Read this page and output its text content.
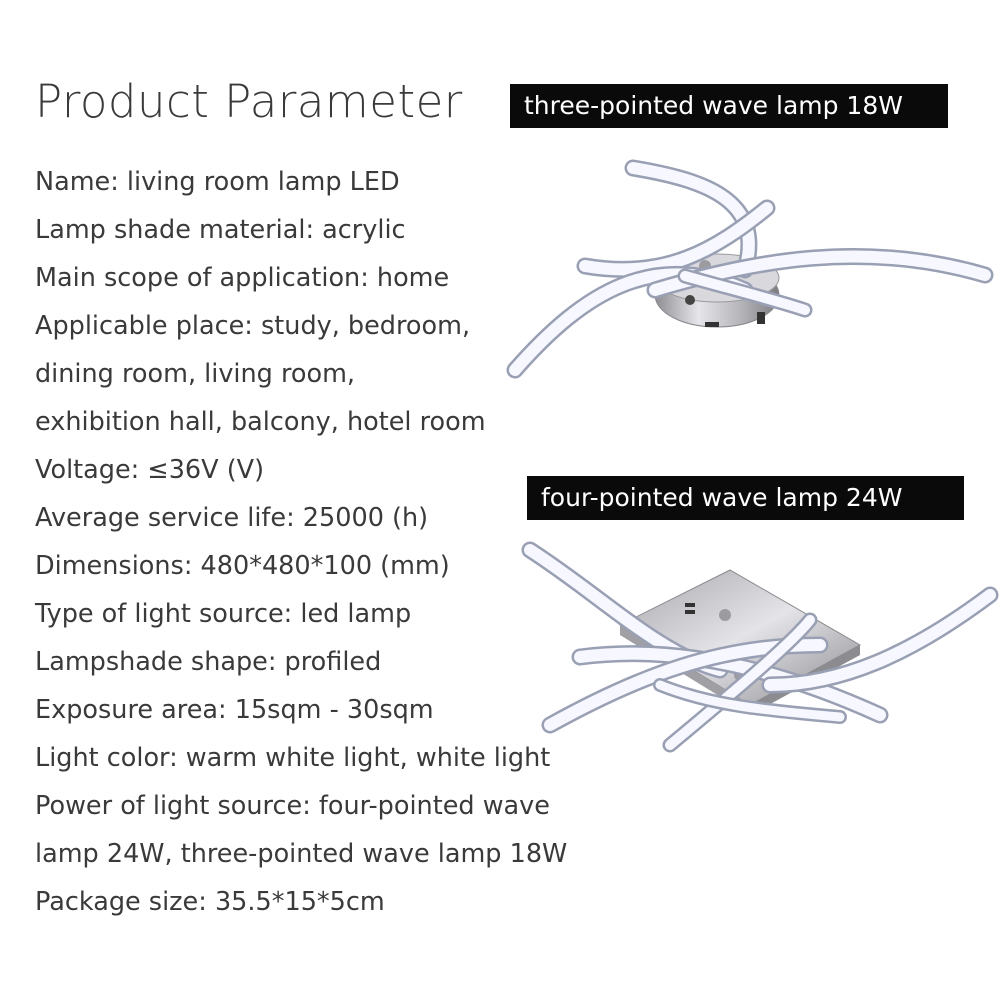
Product Parameter
Name: living room lamp LED
Lamp shade material: acrylic
Main scope of application: home
Applicable place: study, bedroom,
dining room, living room,
exhibition hall, balcony, hotel room
Voltage: ≤36V (V)
Average service life: 25000 (h)
Dimensions: 480*480*100 (mm)
Type of light source: led lamp
Lampshade shape: profiled
Exposure area: 15sqm - 30sqm
Light color: warm white light, white light
Power of light source: four-pointed wave
lamp 24W, three-pointed wave lamp 18W
Package size: 35.5*15*5cm
three-pointed wave lamp 18W
four-pointed wave lamp 24W
